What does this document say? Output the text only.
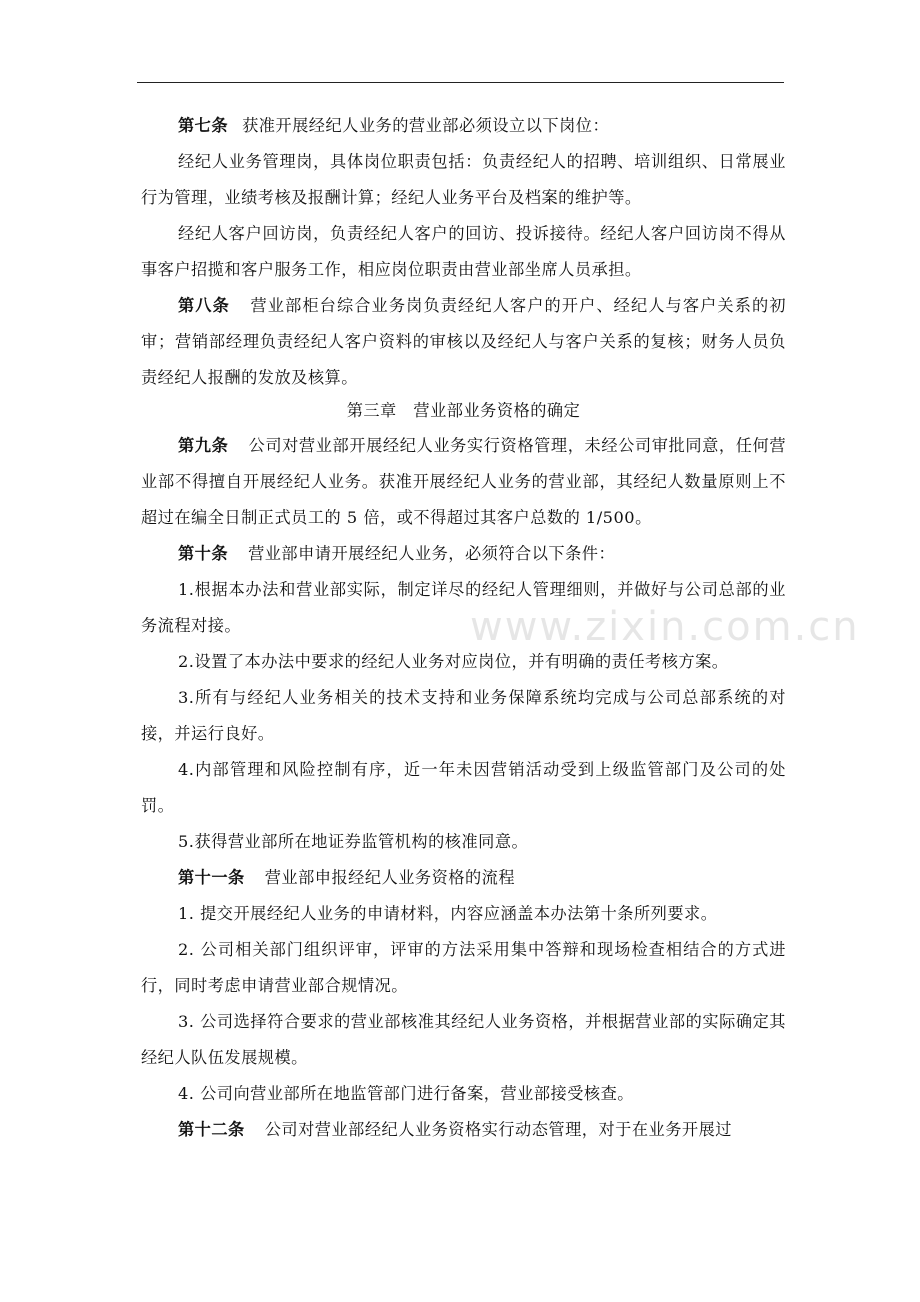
www.zixin.com.cn

第七条 获准开展经纪人业务的营业部必须设立以下岗位：

经纪人业务管理岗，具体岗位职责包括：负责经纪人的招聘、培训组织、日常展业行为管理，业绩考核及报酬计算；经纪人业务平台及档案的维护等。

经纪人客户回访岗，负责经纪人客户的回访、投诉接待。经纪人客户回访岗不得从事客户招揽和客户服务工作，相应岗位职责由营业部坐席人员承担。

第八条 营业部柜台综合业务岗负责经纪人客户的开户、经纪人与客户关系的初审；营销部经理负责经纪人客户资料的审核以及经纪人与客户关系的复核；财务人员负责经纪人报酬的发放及核算。

第三章　营业部业务资格的确定

第九条 公司对营业部开展经纪人业务实行资格管理，未经公司审批同意，任何营业部不得擅自开展经纪人业务。获准开展经纪人业务的营业部，其经纪人数量原则上不超过在编全日制正式员工的 5 倍，或不得超过其客户总数的 1/500。

第十条 营业部申请开展经纪人业务，必须符合以下条件：

1.根据本办法和营业部实际，制定详尽的经纪人管理细则，并做好与公司总部的业务流程对接。

2.设置了本办法中要求的经纪人业务对应岗位，并有明确的责任考核方案。

3.所有与经纪人业务相关的技术支持和业务保障系统均完成与公司总部系统的对接，并运行良好。

4.内部管理和风险控制有序，近一年未因营销活动受到上级监管部门及公司的处罚。

5.获得营业部所在地证券监管机构的核准同意。

第十一条 营业部申报经纪人业务资格的流程

1. 提交开展经纪人业务的申请材料，内容应涵盖本办法第十条所列要求。

2. 公司相关部门组织评审，评审的方法采用集中答辩和现场检查相结合的方式进行，同时考虑申请营业部合规情况。

3. 公司选择符合要求的营业部核准其经纪人业务资格，并根据营业部的实际确定其经纪人队伍发展规模。

4. 公司向营业部所在地监管部门进行备案，营业部接受核查。

第十二条 公司对营业部经纪人业务资格实行动态管理，对于在业务开展过
